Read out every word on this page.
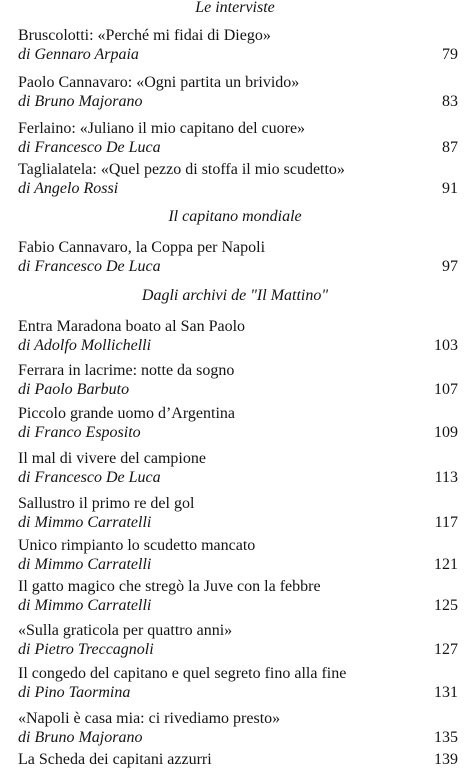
Le interviste
Bruscolotti: «Perché mi fidai di Diego»
di Gennaro Arpaia	79
Paolo Cannavaro: «Ogni partita un brivido»
di Bruno Majorano	83
Ferlaino: «Juliano il mio capitano del cuore»
di Francesco De Luca	87
Taglialatela: «Quel pezzo di stoffa il mio scudetto»
di Angelo Rossi	91
Il capitano mondiale
Fabio Cannavaro, la Coppa per Napoli
di Francesco De Luca	97
Dagli archivi de "Il Mattino"
Entra Maradona boato al San Paolo
di Adolfo Mollichelli	103
Ferrara in lacrime: notte da sogno
di Paolo Barbuto	107
Piccolo grande uomo d’Argentina
di Franco Esposito	109
Il mal di vivere del campione
di Francesco De Luca	113
Sallustro il primo re del gol
di Mimmo Carratelli	117
Unico rimpianto lo scudetto mancato
di Mimmo Carratelli	121
Il gatto magico che stregò la Juve con la febbre
di Mimmo Carratelli	125
«Sulla graticola per quattro anni»
di Pietro Treccagnoli	127
Il congedo del capitano e quel segreto fino alla fine
di Pino Taormina	131
«Napoli è casa mia: ci rivediamo presto»
di Bruno Majorano	135
La Scheda dei capitani azzurri	139
